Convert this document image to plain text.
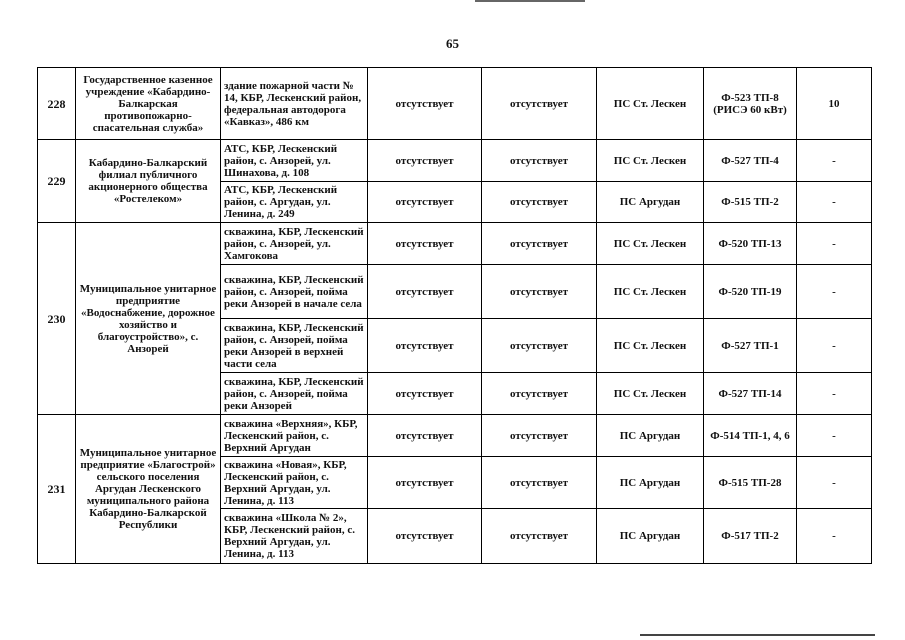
65
228	Государственное казенное учреждение «Кабардино-Балкарская противопожарно-спасательная служба»	здание пожарной части № 14, КБР, Лескенский район, федеральная автодорога «Кавказ», 486 км	отсутствует	отсутствует	ПС Ст. Лескен	Ф-523 ТП-8 (РИСЭ 60 кВт)	10
229	Кабардино-Балкарский филиал публичного акционерного общества «Ростелеком»	АТС, КБР, Лескенский район, с. Анзорей, ул. Шинахова, д. 108	отсутствует	отсутствует	ПС Ст. Лескен	Ф-527 ТП-4	-
		АТС, КБР, Лескенский район, с. Аргудан, ул. Ленина, д. 249	отсутствует	отсутствует	ПС Аргудан	Ф-515 ТП-2	-
230	Муниципальное унитарное предприятие «Водоснабжение, дорожное хозяйство и благоустройство», с. Анзорей	скважина, КБР, Лескенский район, с. Анзорей, ул. Хамгокова	отсутствует	отсутствует	ПС Ст. Лескен	Ф-520 ТП-13	-
		скважина, КБР, Лескенский район, с. Анзорей, пойма реки Анзорей в начале села	отсутствует	отсутствует	ПС Ст. Лескен	Ф-520 ТП-19	-
		скважина, КБР, Лескенский район, с. Анзорей, пойма реки Анзорей в верхней части села	отсутствует	отсутствует	ПС Ст. Лескен	Ф-527 ТП-1	-
		скважина, КБР, Лескенский район, с. Анзорей, пойма реки Анзорей	отсутствует	отсутствует	ПС Ст. Лескен	Ф-527 ТП-14	-
231	Муниципальное унитарное предприятие «Благострой» сельского поселения Аргудан Лескенского муниципального района Кабардино-Балкарской Республики	скважина «Верхняя», КБР, Лескенский район, с. Верхний Аргудан	отсутствует	отсутствует	ПС Аргудан	Ф-514 ТП-1, 4, 6	-
		скважина «Новая», КБР, Лескенский район, с. Верхний Аргудан, ул. Ленина, д. 113	отсутствует	отсутствует	ПС Аргудан	Ф-515 ТП-28	-
		скважина «Школа № 2», КБР, Лескенский район, с. Верхний Аргудан, ул. Ленина, д. 113	отсутствует	отсутствует	ПС Аргудан	Ф-517 ТП-2	-
